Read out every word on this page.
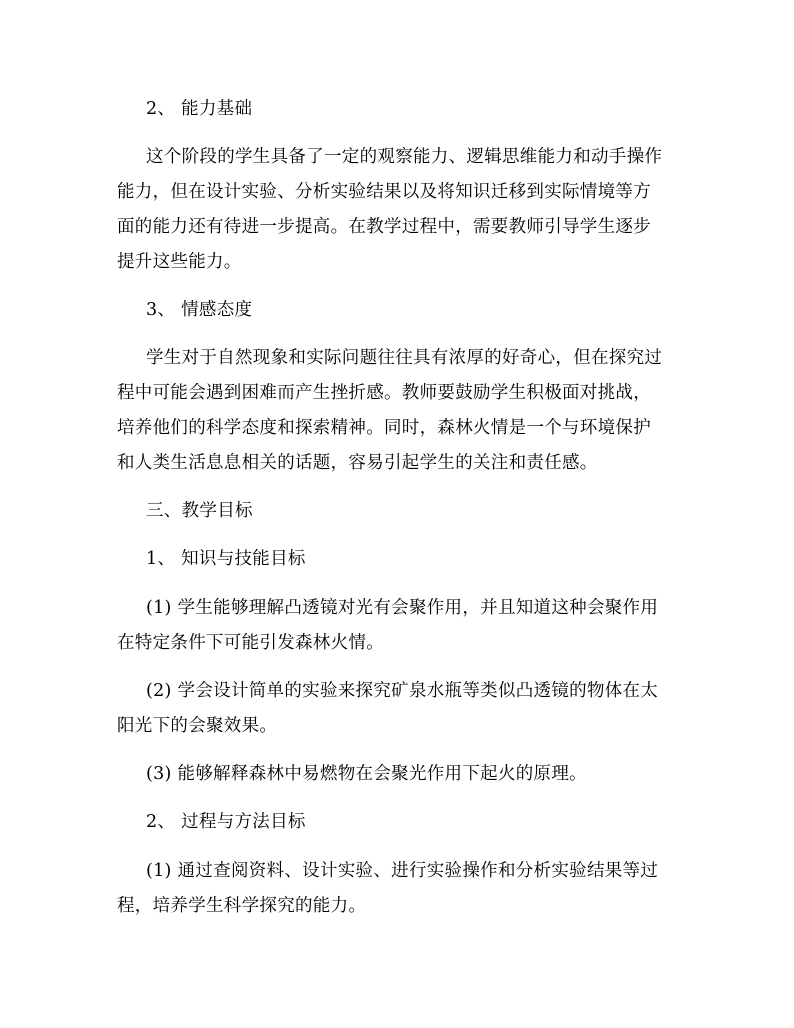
2、 能力基础
这个阶段的学生具备了一定的观察能力、逻辑思维能力和动手操作
能力，但在设计实验、分析实验结果以及将知识迁移到实际情境等方
面的能力还有待进一步提高。在教学过程中，需要教师引导学生逐步
提升这些能力。
3、 情感态度
学生对于自然现象和实际问题往往具有浓厚的好奇心，但在探究过
程中可能会遇到困难而产生挫折感。教师要鼓励学生积极面对挑战，
培养他们的科学态度和探索精神。同时，森林火情是一个与环境保护
和人类生活息息相关的话题，容易引起学生的关注和责任感。
三、教学目标
1、 知识与技能目标
(1) 学生能够理解凸透镜对光有会聚作用，并且知道这种会聚作用
在特定条件下可能引发森林火情。
(2) 学会设计简单的实验来探究矿泉水瓶等类似凸透镜的物体在太
阳光下的会聚效果。
(3) 能够解释森林中易燃物在会聚光作用下起火的原理。
2、 过程与方法目标
(1) 通过查阅资料、设计实验、进行实验操作和分析实验结果等过
程，培养学生科学探究的能力。
